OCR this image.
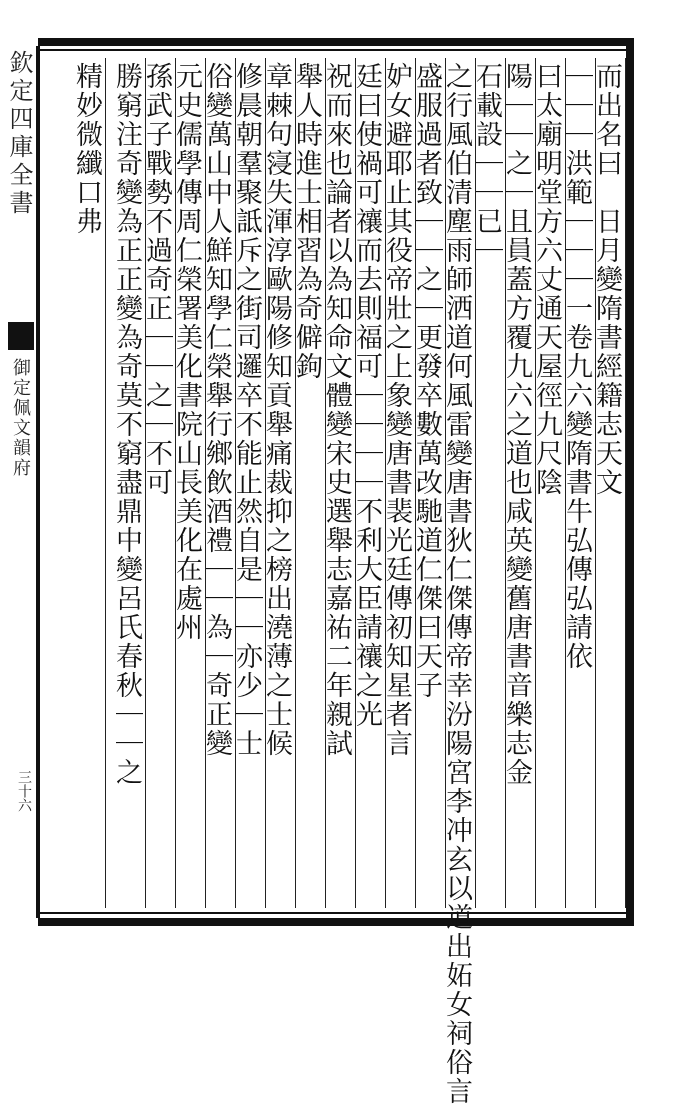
欽定四庫全書
御定佩文韻府
三十六
而出名曰　日月變隋書經籍志天文
｜｜｜洪範｜｜｜一卷九六變隋書牛弘傳弘請依
曰太廟明堂方六丈通天屋徑九尺陰
陽｜｜之｜且員蓋方覆九六之道也咸英變舊唐書音樂志金
石載設｜｜已｜
之行風伯清塵雨師洒道何風雷變唐書狄仁傑傳帝幸汾陽宮李冲玄以道出妬女祠俗言
盛服過者致｜｜之｜更發卒數萬改馳道仁傑曰天子
妒女避耶止其役帝壯之上象變唐書裴光廷傳初知星者言
廷曰使禍可禳而去則福可｜｜｜｜不利大臣請禳之光
祝而來也論者以為知命文體變宋史選舉志嘉祐二年親試
舉人時進士相習為奇僻鉤
章棘句寖失渾淳歐陽修知貢舉痛裁抑之榜出澆薄之士候
修晨朝羣聚詆斥之街司邏卒不能止然自是｜｜亦少｜士
俗變萬山中人鮮知學仁榮舉行鄉飲酒禮｜｜為｜奇正變
元史儒學傳周仁榮署美化書院山長美化在處州
孫武子戰勢不過奇正｜｜之｜不可
勝窮注奇變為正正變為奇莫不窮盡鼎中變呂氏春秋｜｜之
精妙微纖口弗
